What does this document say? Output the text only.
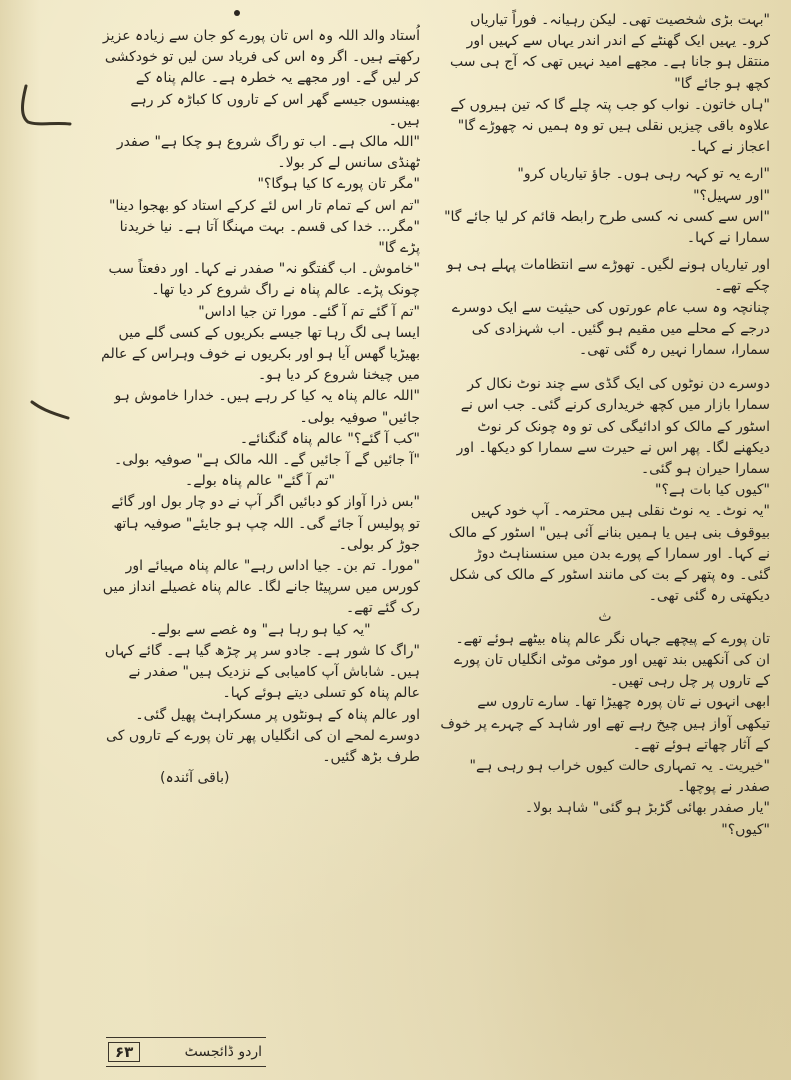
"بہت بڑی شخصیت تھی۔ لیکن رہیانہ۔ فوراً تیاریاں کرو۔ یہیں ایک گھنٹے کے اندر اندر یہاں سے کہیں اور منتقل ہو جانا ہے۔ مجھے امید نہیں تھی کہ آج ہی سب کچھ ہو جائے گا"

"ہاں خاتون۔ نواب کو جب پتہ چلے گا کہ تین ہیروں کے علاوہ باقی چیزیں نقلی ہیں تو وہ ہمیں نہ چھوڑے گا" اعجاز نے کہا۔

"ارے یہ تو کہہ رہی ہوں۔ جاؤ تیاریاں کرو"

"اور سہیل؟"

"اس سے کسی نہ کسی طرح رابطہ قائم کر لیا جائے گا" سمارا نے کہا۔

اور تیاریاں ہونے لگیں۔ تھوڑے سے انتظامات پہلے ہی ہو چکے تھے۔

چنانچہ وہ سب عام عورتوں کی حیثیت سے ایک دوسرے درجے کے محلے میں مقیم ہو گئیں۔ اب شہزادی کی سمارا، سمارا نہیں رہ گئی تھی۔

دوسرے دن نوٹوں کی ایک گڈی سے چند نوٹ نکال کر سمارا بازار میں کچھ خریداری کرنے گئی۔ جب اس نے اسٹور کے مالک کو ادائیگی کی تو وہ چونک کر نوٹ دیکھنے لگا۔ پھر اس نے حیرت سے سمارا کو دیکھا۔ اور سمارا حیران ہو گئی۔

"کیوں کیا بات ہے؟"

"یہ نوٹ۔ یہ نوٹ نقلی ہیں محترمہ۔ آپ خود کہیں بیوقوف بنی ہیں یا ہمیں بنانے آئی ہیں" اسٹور کے مالک نے کہا۔ اور سمارا کے پورے بدن میں سنسناہٹ دوڑ گئی۔ وہ پتھر کے بت کی مانند اسٹور کے مالک کی شکل دیکھتی رہ گئی تھی۔

ث

تان پورے کے پیچھے جہاں نگر عالم پناہ بیٹھے ہوئے تھے۔ ان کی آنکھیں بند تھیں اور موٹی موٹی انگلیاں تان پورے کے تاروں پر چل رہی تھیں۔

ابھی انہوں نے تان پورہ چھیڑا تھا۔ سارے تاروں سے تیکھی آواز ہیں چیخ رہے تھے اور شاہد کے چہرے پر خوف کے آثار چھاتے ہوئے تھے۔

"خیریت۔ یہ تمہاری حالت کیوں خراب ہو رہی ہے" صفدر نے پوچھا۔

"یار صفدر بھائی گڑبڑ ہو گئی" شاہد بولا۔

"کیوں؟"

اُستاد والد اللہ وہ اس تان پورے کو جان سے زیادہ عزیز رکھتے ہیں۔ اگر وہ اس کی فریاد سن لیں تو خودکشی کر لیں گے۔ اور مجھے یہ خطرہ ہے۔ عالم پناہ کے بھینسوں جیسے گھر اس کے تاروں کا کباڑہ کر رہے ہیں۔

"اللہ مالک ہے۔ اب تو راگ شروع ہو چکا ہے" صفدر ٹھنڈی سانس لے کر بولا۔

"مگر تان پورے کا کیا ہوگا؟"

"تم اس کے تمام تار اس لئے کرکے استاد کو بھجوا دینا"

"مگر... خدا کی قسم۔ بہت مہنگا آتا ہے۔ نیا خریدنا پڑے گا"

"خاموش۔ اب گفتگو نہ" صفدر نے کہا۔ اور دفعتاً سب چونک پڑے۔ عالم پناہ نے راگ شروع کر دیا تھا۔

"تم آ گئے تم آ گئے۔ مورا تن جیا اداس"

ایسا ہی لگ رہا تھا جیسے بکریوں کے کسی گلے میں بھیڑیا گھس آیا ہو اور بکریوں نے خوف وہراس کے عالم میں چیخنا شروع کر دیا ہو۔

"اللہ عالم پناہ یہ کیا کر رہے ہیں۔ خدارا خاموش ہو جائیں" صوفیہ بولی۔

"کب آ گئے؟" عالم پناہ گنگنائے۔

"آ جائیں گے آ جائیں گے۔ اللہ مالک ہے" صوفیہ بولی۔

"تم آ گئے" عالم پناہ بولے۔

"بس ذرا آواز کو دبائیں اگر آپ نے دو چار بول اور گائے تو پولیس آ جائے گی۔ اللہ چپ ہو جایئے" صوفیہ ہاتھ جوڑ کر بولی۔

"مورا۔ تم بن۔ جیا اداس رہے" عالم پناہ مہیائے اور کورس میں سرپیٹا جانے لگا۔ عالم پناہ غصیلے انداز میں رک گئے تھے۔

"یہ کیا ہو رہا ہے" وہ غصے سے بولے۔

"راگ کا شور ہے۔ جادو سر پر چڑھ گیا ہے۔ گائے کہاں ہیں۔ شاباش آپ کامیابی کے نزدیک ہیں" صفدر نے عالم پناہ کو تسلی دیتے ہوئے کہا۔

اور عالم پناہ کے ہونٹوں پر مسکراہٹ پھیل گئی۔ دوسرے لمحے ان کی انگلیاں پھر تان پورے کے تاروں کی طرف بڑھ گئیں۔

(باقی آئندہ)

۶۳	اردو ڈائجسٹ
